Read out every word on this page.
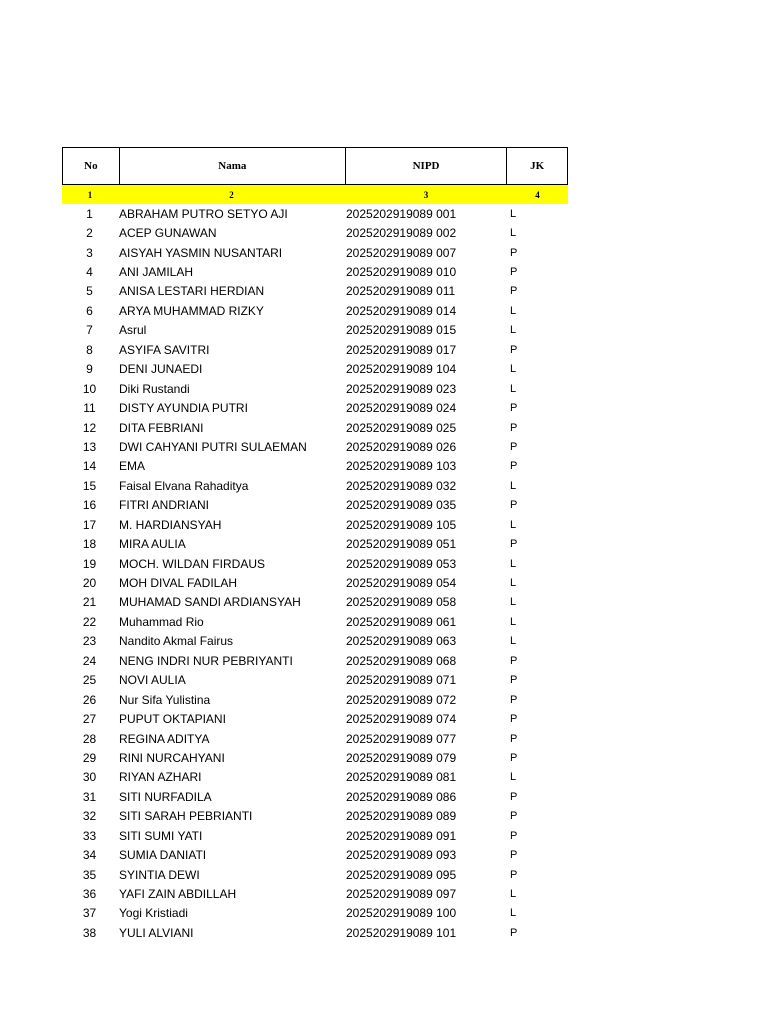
No	Nama	NIPD	JK
1	2	3	4
1	ABRAHAM PUTRO SETYO AJI	2025202919089 001	L
2	ACEP GUNAWAN	2025202919089 002	L
3	AISYAH YASMIN NUSANTARI	2025202919089 007	P
4	ANI JAMILAH	2025202919089 010	P
5	ANISA LESTARI HERDIAN	2025202919089 011	P
6	ARYA MUHAMMAD RIZKY	2025202919089 014	L
7	Asrul	2025202919089 015	L
8	ASYIFA SAVITRI	2025202919089 017	P
9	DENI JUNAEDI	2025202919089 104	L
10	Diki Rustandi	2025202919089 023	L
11	DISTY AYUNDIA PUTRI	2025202919089 024	P
12	DITA FEBRIANI	2025202919089 025	P
13	DWI CAHYANI PUTRI SULAEMAN	2025202919089 026	P
14	EMA	2025202919089 103	P
15	Faisal Elvana Rahaditya	2025202919089 032	L
16	FITRI ANDRIANI	2025202919089 035	P
17	M. HARDIANSYAH	2025202919089 105	L
18	MIRA AULIA	2025202919089 051	P
19	MOCH. WILDAN FIRDAUS	2025202919089 053	L
20	MOH DIVAL FADILAH	2025202919089 054	L
21	MUHAMAD SANDI ARDIANSYAH	2025202919089 058	L
22	Muhammad Rio	2025202919089 061	L
23	Nandito Akmal Fairus	2025202919089 063	L
24	NENG INDRI NUR PEBRIYANTI	2025202919089 068	P
25	NOVI AULIA	2025202919089 071	P
26	Nur Sifa Yulistina	2025202919089 072	P
27	PUPUT OKTAPIANI	2025202919089 074	P
28	REGINA ADITYA	2025202919089 077	P
29	RINI NURCAHYANI	2025202919089 079	P
30	RIYAN AZHARI	2025202919089 081	L
31	SITI NURFADILA	2025202919089 086	P
32	SITI SARAH PEBRIANTI	2025202919089 089	P
33	SITI SUMI YATI	2025202919089 091	P
34	SUMIA DANIATI	2025202919089 093	P
35	SYINTIA DEWI	2025202919089 095	P
36	YAFI ZAIN ABDILLAH	2025202919089 097	L
37	Yogi Kristiadi	2025202919089 100	L
38	YULI ALVIANI	2025202919089 101	P
